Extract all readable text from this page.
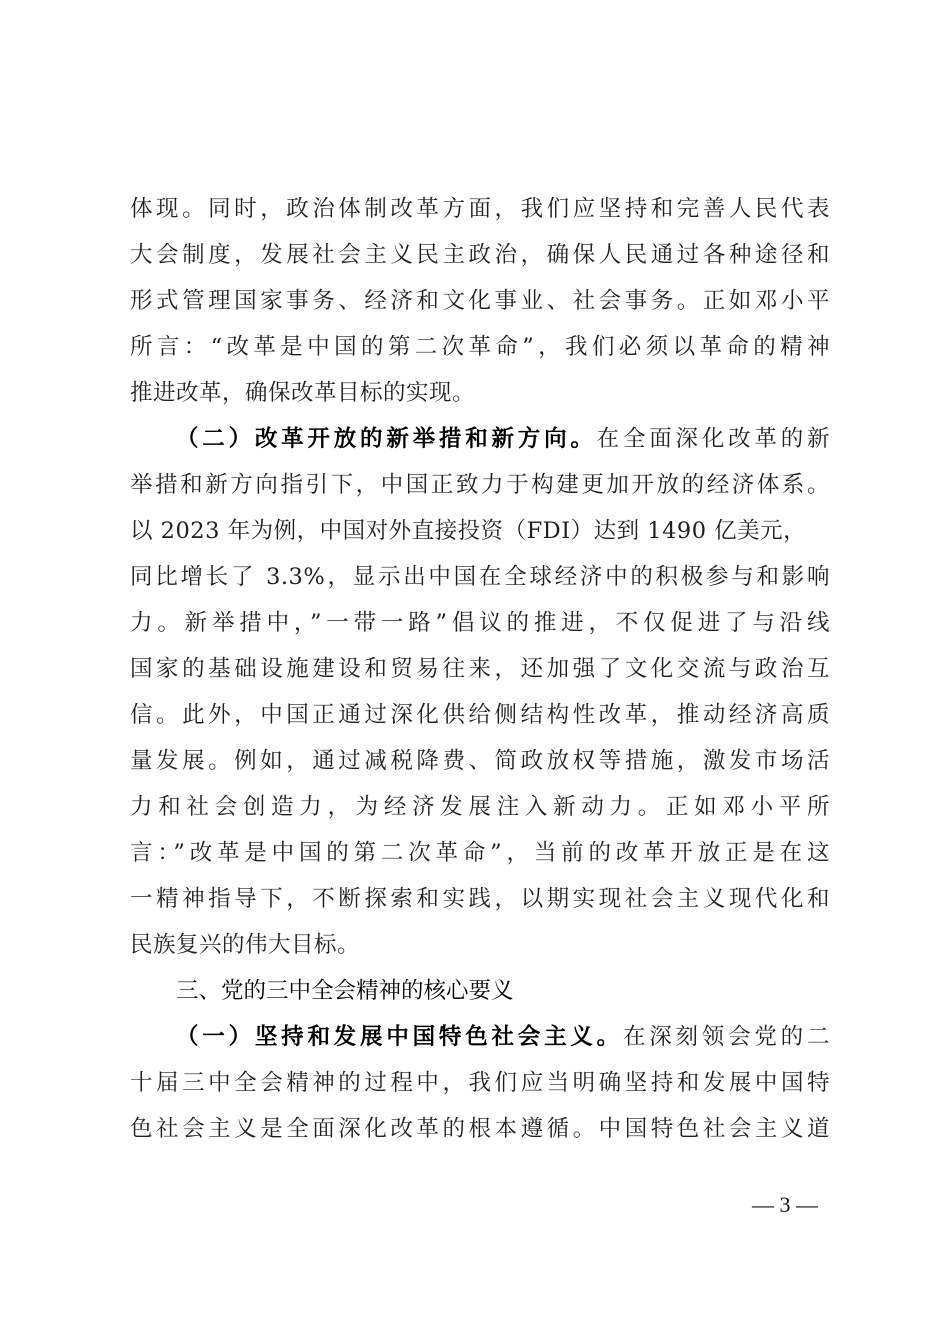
体现。同时，政治体制改革方面，我们应坚持和完善人民代表
大会制度，发展社会主义民主政治，确保人民通过各种途径和
形式管理国家事务、经济和文化事业、社会事务。正如邓小平
所言：“改革是中国的第二次革命”，我们必须以革命的精神
推进改革，确保改革目标的实现。
（二）改革开放的新举措和新方向。在全面深化改革的新
举措和新方向指引下，中国正致力于构建更加开放的经济体系。
以 2023 年为例，中国对外直接投资（FDI）达到 1490 亿美元，
同比增长了 3.3%，显示出中国在全球经济中的积极参与和影响
力。新举措中，”一带一路”倡议的推进，不仅促进了与沿线
国家的基础设施建设和贸易往来，还加强了文化交流与政治互
信。此外，中国正通过深化供给侧结构性改革，推动经济高质
量发展。例如，通过减税降费、简政放权等措施，激发市场活
力和社会创造力，为经济发展注入新动力。正如邓小平所
言：”改革是中国的第二次革命”，当前的改革开放正是在这
一精神指导下，不断探索和实践，以期实现社会主义现代化和
民族复兴的伟大目标。
三、党的三中全会精神的核心要义
（一）坚持和发展中国特色社会主义。在深刻领会党的二
十届三中全会精神的过程中，我们应当明确坚持和发展中国特
色社会主义是全面深化改革的根本遵循。中国特色社会主义道
— 3 —
